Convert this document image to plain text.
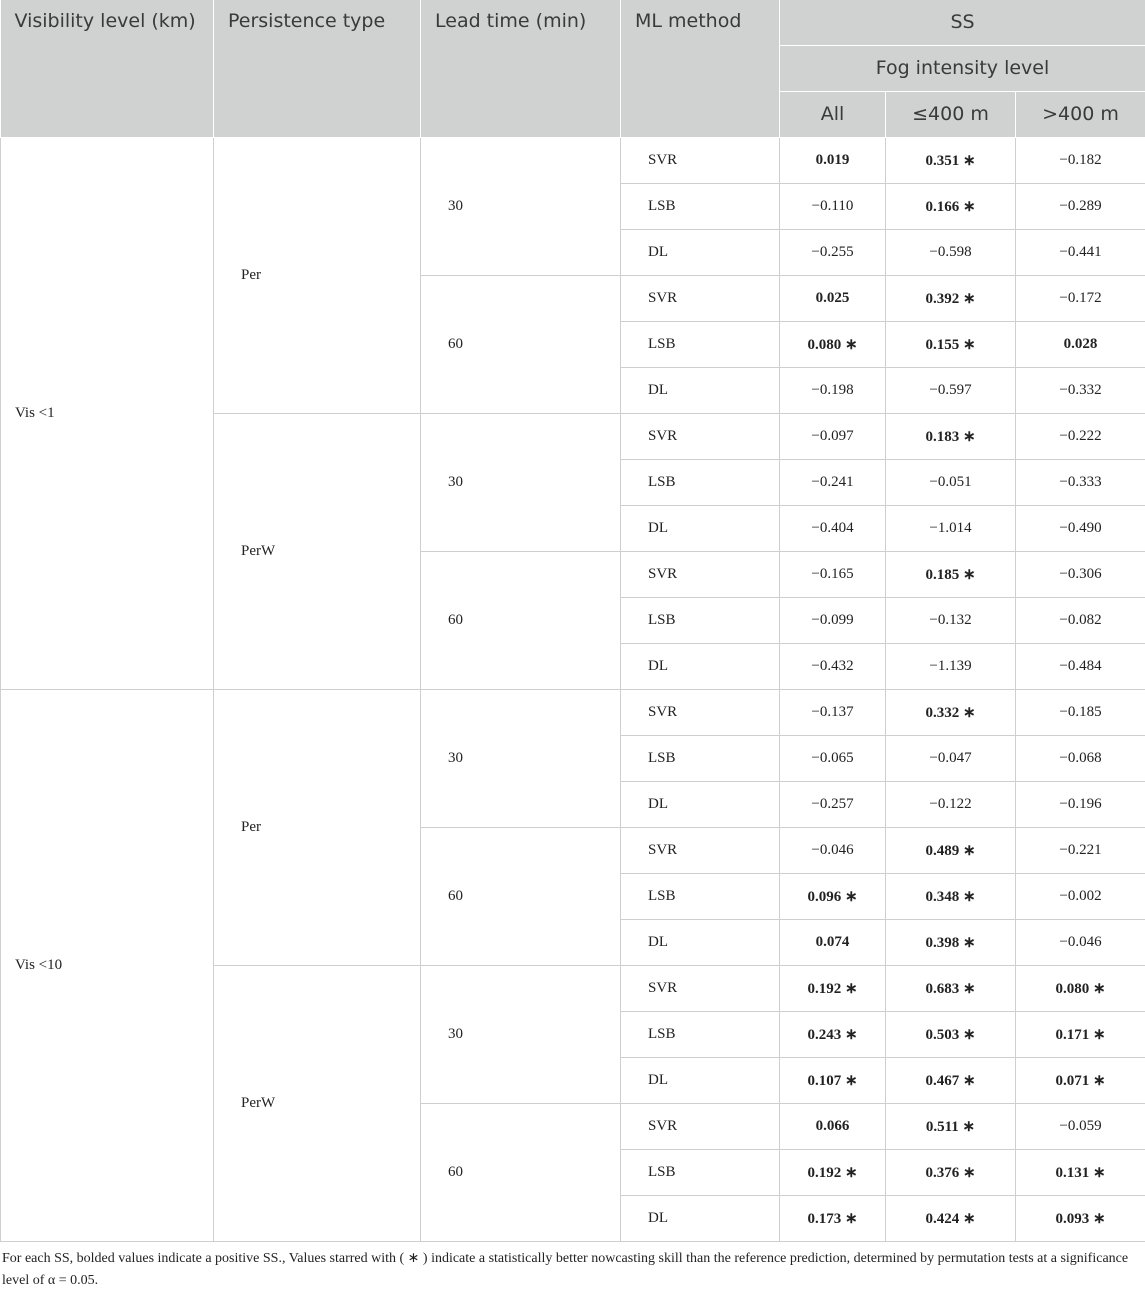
Visibility level (km)	Persistence type	Lead time (min)	ML method	SS		
				Fog intensity level		
				All	≤400 m	>400 m
Vis <1	Per	30	SVR	0.019	0.351 ∗	−0.182
			LSB	−0.110	0.166 ∗	−0.289
			DL	−0.255	−0.598	−0.441
		60	SVR	0.025	0.392 ∗	−0.172
			LSB	0.080 ∗	0.155 ∗	0.028
			DL	−0.198	−0.597	−0.332
	PerW	30	SVR	−0.097	0.183 ∗	−0.222
			LSB	−0.241	−0.051	−0.333
			DL	−0.404	−1.014	−0.490
		60	SVR	−0.165	0.185 ∗	−0.306
			LSB	−0.099	−0.132	−0.082
			DL	−0.432	−1.139	−0.484
Vis <10	Per	30	SVR	−0.137	0.332 ∗	−0.185
			LSB	−0.065	−0.047	−0.068
			DL	−0.257	−0.122	−0.196
		60	SVR	−0.046	0.489 ∗	−0.221
			LSB	0.096 ∗	0.348 ∗	−0.002
			DL	0.074	0.398 ∗	−0.046
	PerW	30	SVR	0.192 ∗	0.683 ∗	0.080 ∗
			LSB	0.243 ∗	0.503 ∗	0.171 ∗
			DL	0.107 ∗	0.467 ∗	0.071 ∗
		60	SVR	0.066	0.511 ∗	−0.059
			LSB	0.192 ∗	0.376 ∗	0.131 ∗
			DL	0.173 ∗	0.424 ∗	0.093 ∗
For each SS, bolded values indicate a positive SS., Values starred with ( ∗ ) indicate a statistically better nowcasting skill than the reference prediction, determined by permutation tests at a significance level of α = 0.05.
